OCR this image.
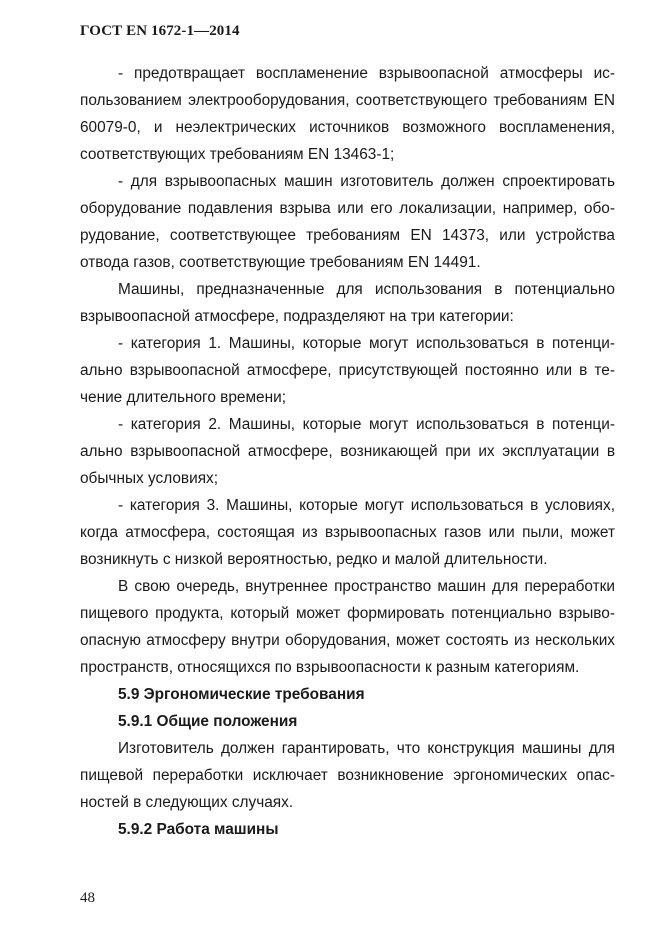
ГОСТ EN 1672-1—2014

- предотвращает воспламенение взрывоопасной атмосферы использованием электрооборудования, соответствующего требованиям EN 60079-0, и неэлектрических источников возможного воспламенения, соответствующих требованиям EN 13463-1;

- для взрывоопасных машин изготовитель должен спроектировать оборудование подавления взрыва или его локализации, например, оборудование, соответствующее требованиям EN 14373, или устройства отвода газов, соответствующие требованиям EN 14491.

Машины, предназначенные для использования в потенциально взрывоопасной атмосфере, подразделяют на три категории:

- категория 1. Машины, которые могут использоваться в потенциально взрывоопасной атмосфере, присутствующей постоянно или в течение длительного времени;

- категория 2. Машины, которые могут использоваться в потенциально взрывоопасной атмосфере, возникающей при их эксплуатации в обычных условиях;

- категория 3. Машины, которые могут использоваться в условиях, когда атмосфера, состоящая из взрывоопасных газов или пыли, может возникнуть с низкой вероятностью, редко и малой длительности.

В свою очередь, внутреннее пространство машин для переработки пищевого продукта, который может формировать потенциально взрывоопасную атмосферу внутри оборудования, может состоять из нескольких пространств, относящихся по взрывоопасности к разным категориям.

5.9 Эргономические требования

5.9.1 Общие положения

Изготовитель должен гарантировать, что конструкция машины для пищевой переработки исключает возникновение эргономических опасностей в следующих случаях.

5.9.2 Работа машины

48
